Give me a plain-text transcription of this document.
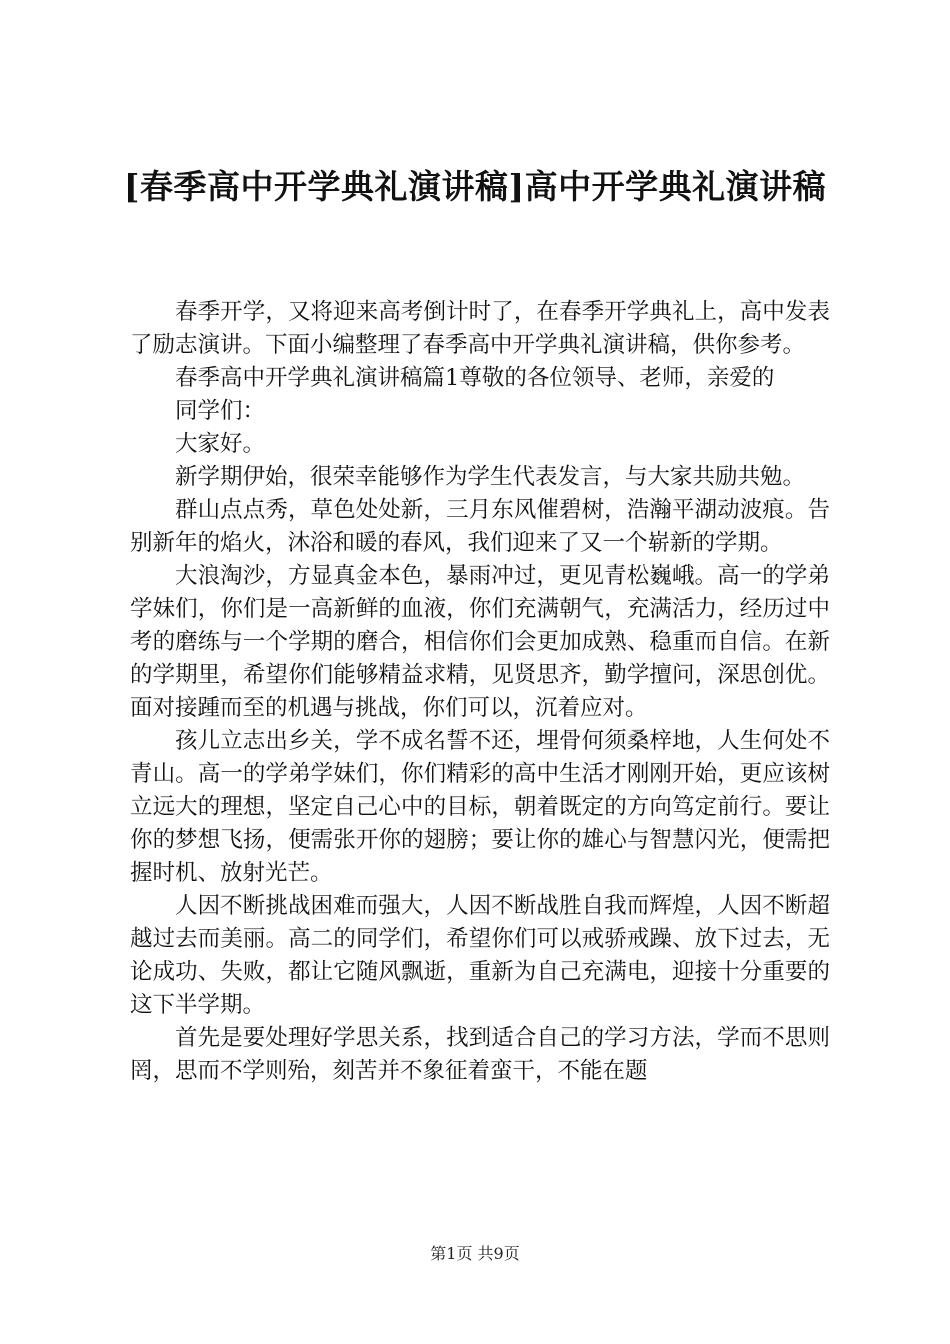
[春季高中开学典礼演讲稿]高中开学典礼演讲稿

春季开学，又将迎来高考倒计时了，在春季开学典礼上，高中发表了励志演讲。下面小编整理了春季高中开学典礼演讲稿，供你参考。

春季高中开学典礼演讲稿篇1尊敬的各位领导、老师，亲爱的

同学们：

大家好。

新学期伊始，很荣幸能够作为学生代表发言，与大家共励共勉。

群山点点秀，草色处处新，三月东风催碧树，浩瀚平湖动波痕。告别新年的焰火，沐浴和暖的春风，我们迎来了又一个崭新的学期。

大浪淘沙，方显真金本色，暴雨冲过，更见青松巍峨。高一的学弟学妹们，你们是一高新鲜的血液，你们充满朝气，充满活力，经历过中考的磨练与一个学期的磨合，相信你们会更加成熟、稳重而自信。在新的学期里，希望你们能够精益求精，见贤思齐，勤学擅问，深思创优。面对接踵而至的机遇与挑战，你们可以，沉着应对。

孩儿立志出乡关，学不成名誓不还，埋骨何须桑梓地，人生何处不青山。高一的学弟学妹们，你们精彩的高中生活才刚刚开始，更应该树立远大的理想，坚定自己心中的目标，朝着既定的方向笃定前行。要让你的梦想飞扬，便需张开你的翅膀；要让你的雄心与智慧闪光，便需把握时机、放射光芒。

人因不断挑战困难而强大，人因不断战胜自我而辉煌，人因不断超越过去而美丽。高二的同学们，希望你们可以戒骄戒躁、放下过去，无论成功、失败，都让它随风飘逝，重新为自己充满电，迎接十分重要的这下半学期。

首先是要处理好学思关系，找到适合自己的学习方法，学而不思则罔，思而不学则殆，刻苦并不象征着蛮干，不能在题

第1页 共9页
